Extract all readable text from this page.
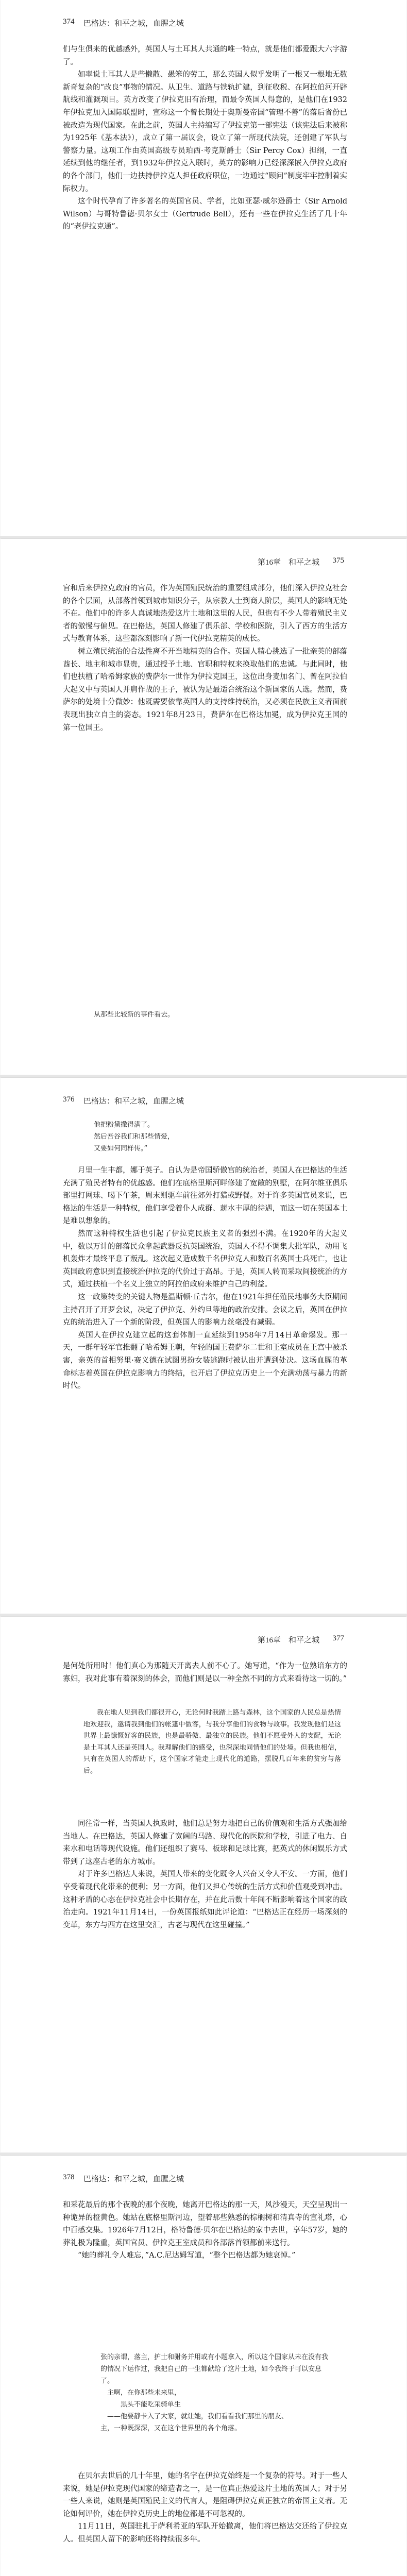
374 巴格达：和平之城，血腥之城

们与生俱来的优越感外，英国人与土耳其人共通的唯一特点，就是他们都爱跟大六字游了。

如率说土耳其人是些懒散、愚笨的劳工，那么英国人似乎发明了一根又一根地无数新奇复杂的“改良”事物的情况。从卫生、道路与铁轨扩建，到征收税、在阿拉伯河开辟航线和灌溉项目。英方改变了伊拉克旧有治理，而最令英国人得意的，是他们在1932年伊拉克加入国际联盟时，宣称这一个曾长期处于奥斯曼帝国“管理不善”的落后省份已被改造为现代国家。在此之前，英国人主持编写了伊拉克第一部宪法（该宪法后来被称为1925年《基本法》），成立了第一届议会，设立了第一所现代法院，还创建了军队与警察力量。这项工作由英国高级专员珀西·考克斯爵士（Sir Percy Cox）担纲，一直延续到他的继任者，到1932年伊拉克入联时，英方的影响力已经深深嵌入伊拉克政府的各个部门，他们一边扶持伊拉克人担任政府职位，一边通过“顾问”制度牢牢控制着实际权力。

这个时代孕育了许多著名的英国官员、学者，比如亚瑟·威尔逊爵士（Sir Arnold Wilson）与哥特鲁德·贝尔女士（Gertrude Bell），还有一些在伊拉克生活了几十年的“老伊拉克通”。

第16章　和平之城 375

官和后来伊拉克政府的官员，作为英国殖民统治的重要组成部分，他们深入伊拉克社会的各个层面，从部落首领到城市知识分子，从宗教人士到商人阶层，英国人的影响无处不在。他们中的许多人真诚地热爱这片土地和这里的人民，但也有不少人带着殖民主义者的傲慢与偏见。在巴格达，英国人修建了俱乐部、学校和医院，引入了西方的生活方式与教育体系，这些都深刻影响了新一代伊拉克精英的成长。

树立殖民统治的合法性离不开当地精英的合作。英国人精心挑选了一批亲英的部落酋长、地主和城市显贵，通过授予土地、官职和特权来换取他们的忠诚。与此同时，他们也扶植了哈希姆家族的费萨尔一世作为伊拉克国王，这位出身麦加名门、曾在阿拉伯大起义中与英国人并肩作战的王子，被认为是最适合统治这个新国家的人选。然而，费萨尔的处境十分微妙：他既需要依靠英国人的支持维持统治，又必须在民族主义者面前表现出独立自主的姿态。1921年8月23日，费萨尔在巴格达加冕，成为伊拉克王国的第一位国王。

从那些比较新的事件看去。

376 巴格达：和平之城，血腥之城

他把粉黛撒得满了。

然后吾谷我们和那些情爱，

又要如何同样传。”

月里一生丰都，娜于英子。自认为是帝国骄傲宫的统治者，英国人在巴格达的生活充满了殖民者特有的优越感。他们在底格里斯河畔修建了宽敞的别墅，在阿尔维亚俱乐部里打网球、喝下午茶，周末则驱车前往郊外打猎或野餐。对于许多英国官员来说，巴格达的生活是一种特权，他们享受着仆人成群、薪水丰厚的待遇，而这一切在英国本土是难以想象的。

然而这种特权生活也引起了伊拉克民族主义者的强烈不满。在1920年的大起义中，数以万计的部落民众拿起武器反抗英国统治，英国人不得不调集大批军队，动用飞机轰炸才最终平息了叛乱。这次起义造成数千名伊拉克人和数百名英国士兵死亡，也让英国政府意识到直接统治伊拉克的代价过于高昂。于是，英国人转而采取间接统治的方式，通过扶植一个名义上独立的阿拉伯政府来维护自己的利益。

这一政策转变的关键人物是温斯顿·丘吉尔，他在1921年担任殖民地事务大臣期间主持召开了开罗会议，决定了伊拉克、外约旦等地的政治安排。会议之后，英国在伊拉克的统治进入了一个新的阶段，但英国人的影响力丝毫没有减弱。

英国人在伊拉克建立起的这套体制一直延续到1958年7月14日革命爆发。那一天，一群年轻军官推翻了哈希姆王朝，年轻的国王费萨尔二世和王室成员在王宫中被杀害，亲英的首相努里·赛义德在试图男扮女装逃跑时被认出并遭到处决。这场血腥的革命标志着英国在伊拉克影响力的终结，也开启了伊拉克历史上一个充满动荡与暴力的新时代。

第16章　和平之城 377

是何处所用时！他们真心为那随天开离去人前不心了。她写道，“作为一位熟谙东方的寡妇，我对此事有着深刻的体会，而他们则是以一种全然不同的方式来看待这一切的。”

我在地人见到我们都很开心，无论何时我踏上路与森林，这个国家的人民总是热情地欢迎我，邀请我到他们的帐篷中做客，与我分享他们的食物与故事。我发现他们是这世界上最慷慨好客的民族，也是最骄傲、最独立的民族。他们不愿受外人的支配，无论是土耳其人还是英国人。我理解他们的感受，也深深地同情他们的处境。但我也相信，只有在英国人的帮助下，这个国家才能走上现代化的道路，摆脱几百年来的贫穷与落后。

同往常一样，当英国人执政时，他们总是努力地把自己的价值观和生活方式强加给当地人。在巴格达，英国人修建了宽阔的马路、现代化的医院和学校，引进了电力、自来水和电话等现代设施。他们还组织了赛马、板球和足球比赛，把英式的休闲娱乐方式带到了这座古老的东方城市。

对于许多巴格达人来说，英国人带来的变化既令人兴奋又令人不安。一方面，他们享受着现代化带来的便利；另一方面，他们又担心传统的生活方式和价值观受到冲击。这种矛盾的心态在伊拉克社会中长期存在，并在此后数十年间不断影响着这个国家的政治走向。1921年11月14日，一份英国报纸如此评论道：“巴格达正在经历一场深刻的变革，东方与西方在这里交汇，古老与现代在这里碰撞。”

378 巴格达：和平之城，血腥之城

和采花最后的那个夜晚的那个夜晚，她离开巴格达的那一天，风沙漫天，天空呈现出一种诡异的橙黄色。她站在底格里斯河边，望着那些熟悉的棕榈树和清真寺的宣礼塔，心中百感交集。1926年7月12日，格特鲁德·贝尔在巴格达的家中去世，享年57岁，她的葬礼极为隆重，英国官员、伊拉克王室成员和各部落首领都前来送行。

“她的葬礼令人难忘，”A.C.尼达姆写道，“整个巴格达都为她哀悼。”

张的亲谓，落主，护士和驸务并用或有小题拿入，所以这个国家从未在没有我的情况下运作过，我把自己的一生都献给了这片土地，如今我终于可以安息了。

主啊，在你那些未来里，

黑头不能吃采骑单生

——他要静卡入了大家，就让她，我们看看我们那里的朋友、

主，一种既深深，又在这个世界里的各个角落。

在贝尔去世后的几十年里，她的名字在伊拉克始终是一个复杂的符号。对于一些人来说，她是伊拉克现代国家的缔造者之一，是一位真正热爱这片土地的英国人；对于另一些人来说，她则是英国殖民主义的代言人，是阻碍伊拉克真正独立的帝国主义者。无论如何评价，她在伊拉克历史上的地位都是不可忽视的。

11月11日，英国驻扎于萨利希亚的军队开始撤离，他们将巴格达交还给了伊拉克人。但英国人留下的影响还将持续很多年。
